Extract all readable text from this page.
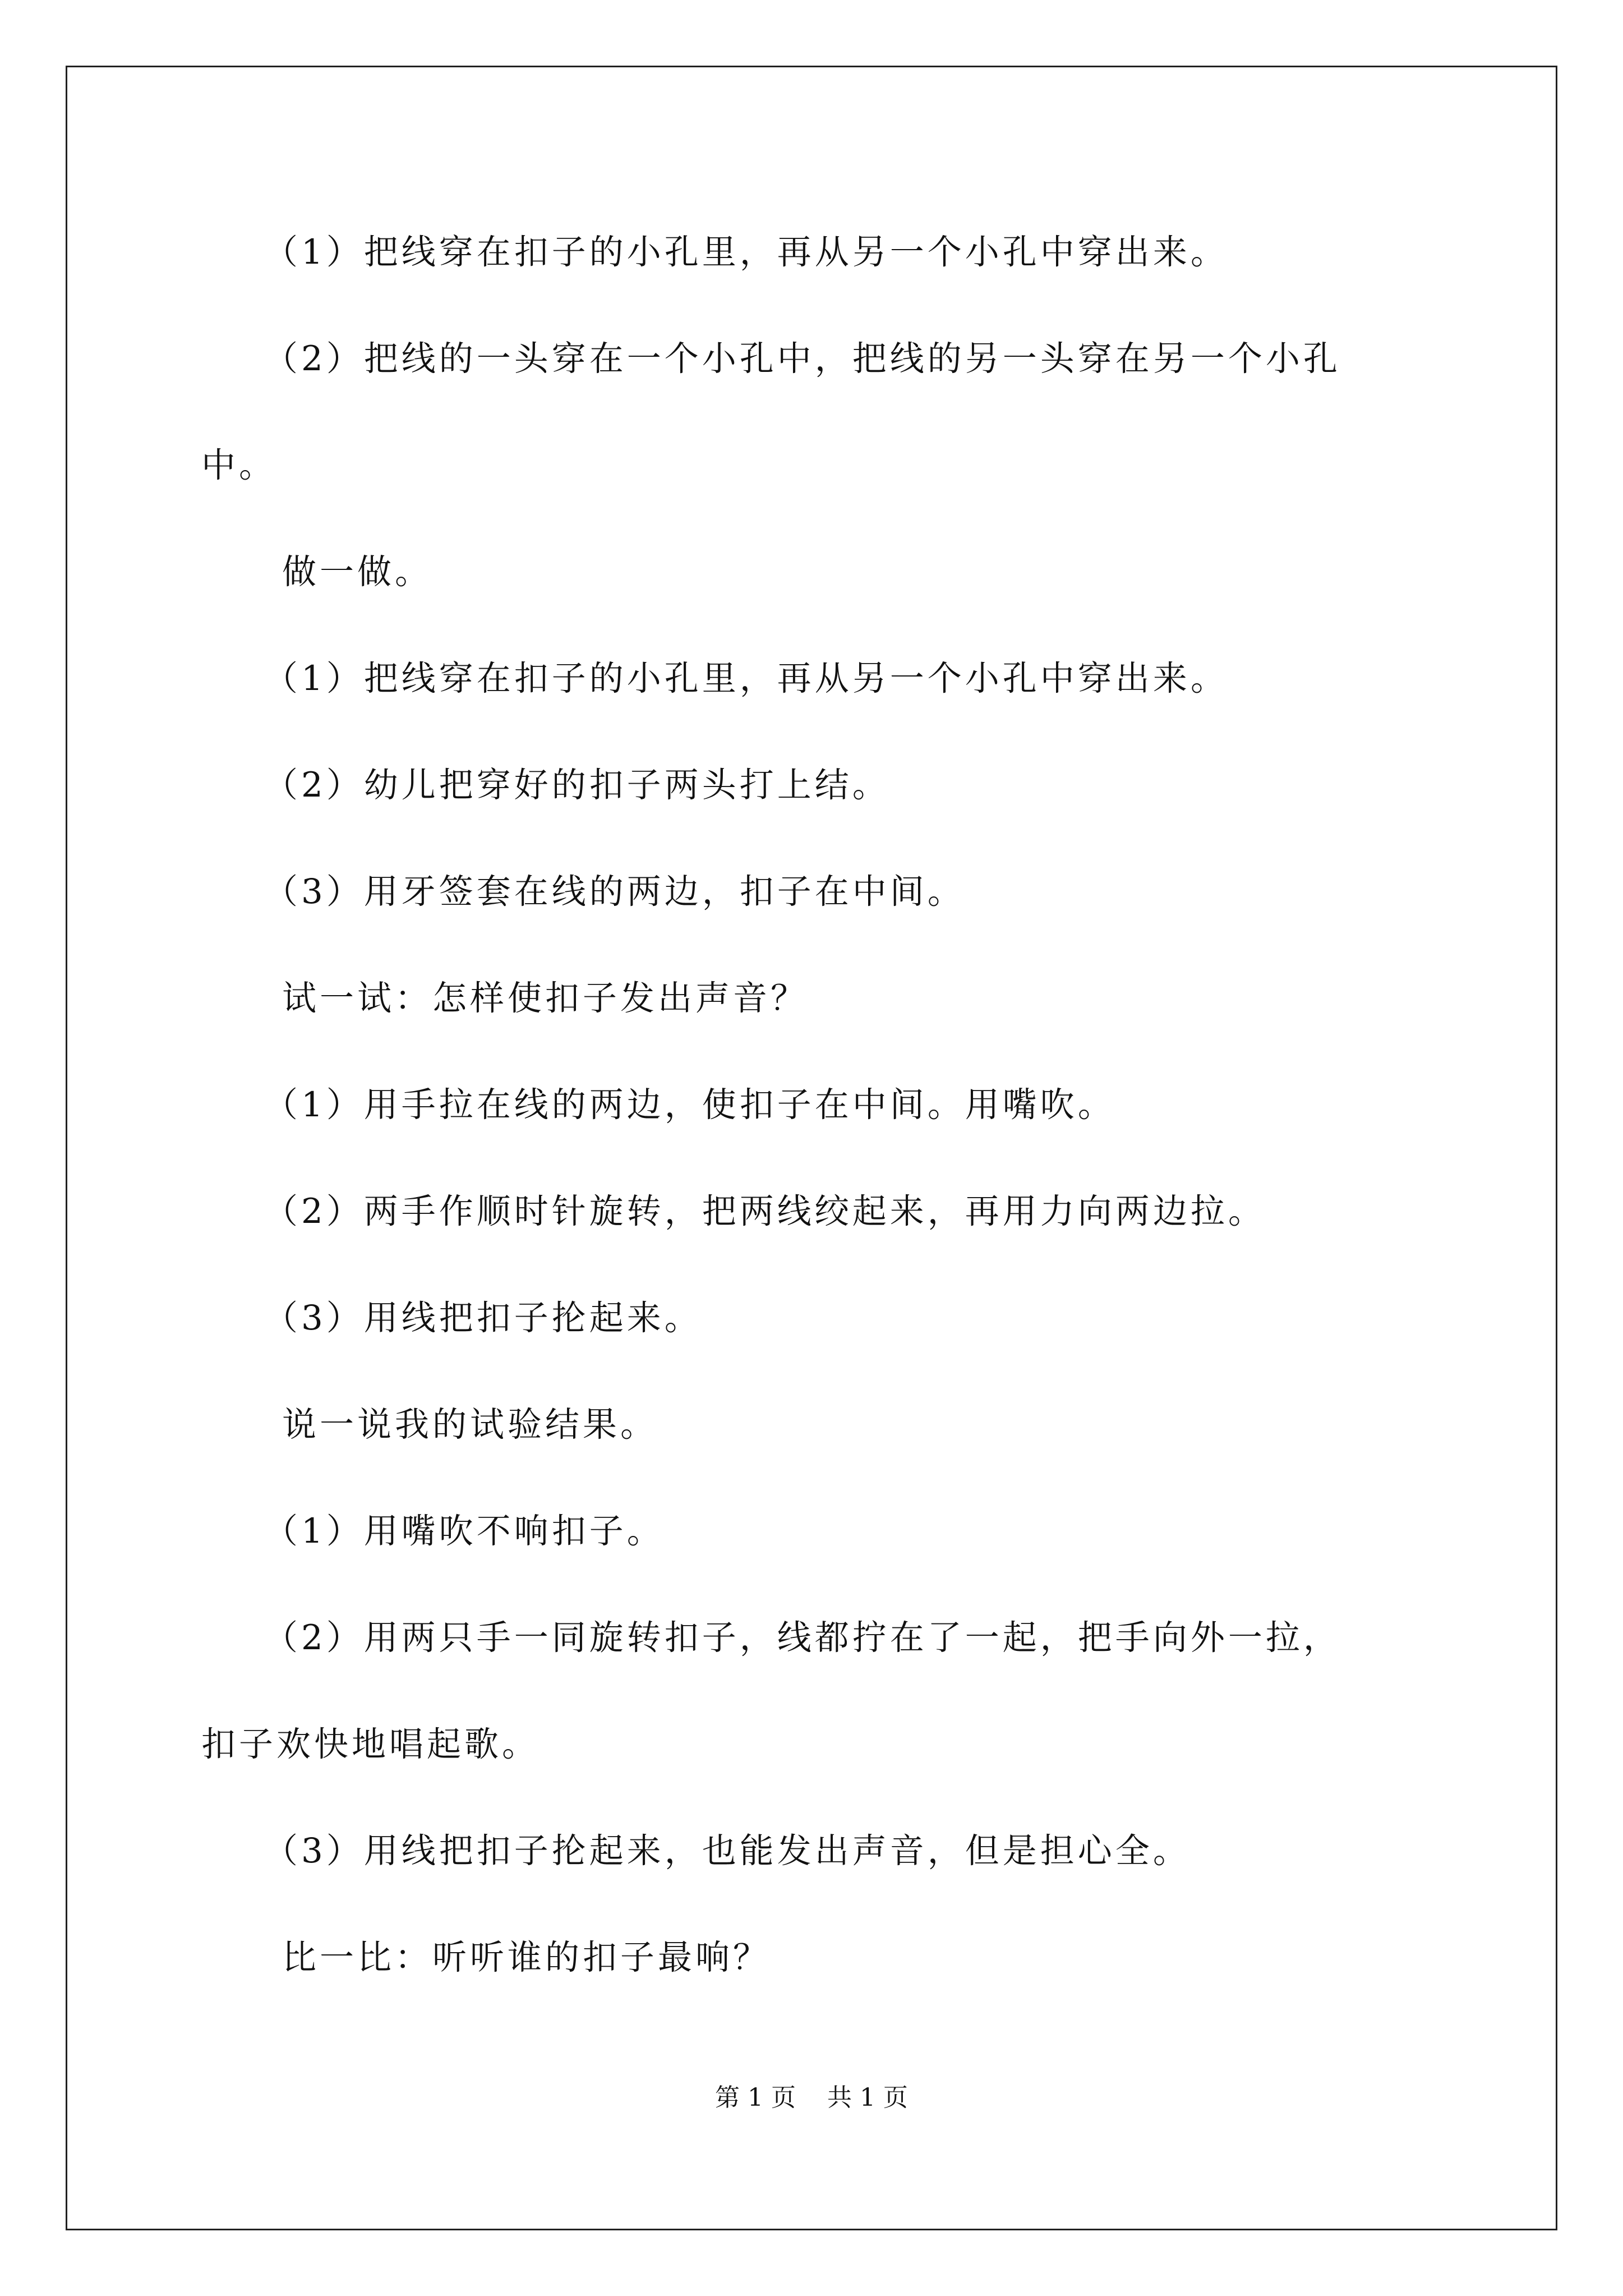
（1）把线穿在扣子的小孔里，再从另一个小孔中穿出来。
（2）把线的一头穿在一个小孔中，把线的另一头穿在另一个小孔
中。
做一做。
（1）把线穿在扣子的小孔里，再从另一个小孔中穿出来。
（2）幼儿把穿好的扣子两头打上结。
（3）用牙签套在线的两边，扣子在中间。
试一试：怎样使扣子发出声音？
（1）用手拉在线的两边，使扣子在中间。用嘴吹。
（2）两手作顺时针旋转，把两线绞起来，再用力向两边拉。
（3）用线把扣子抡起来。
说一说我的试验结果。
（1）用嘴吹不响扣子。
（2）用两只手一同旋转扣子，线都拧在了一起，把手向外一拉，
扣子欢快地唱起歌。
（3）用线把扣子抡起来，也能发出声音，但是担心全。
比一比：听听谁的扣子最响？
第 1 页    共 1 页
